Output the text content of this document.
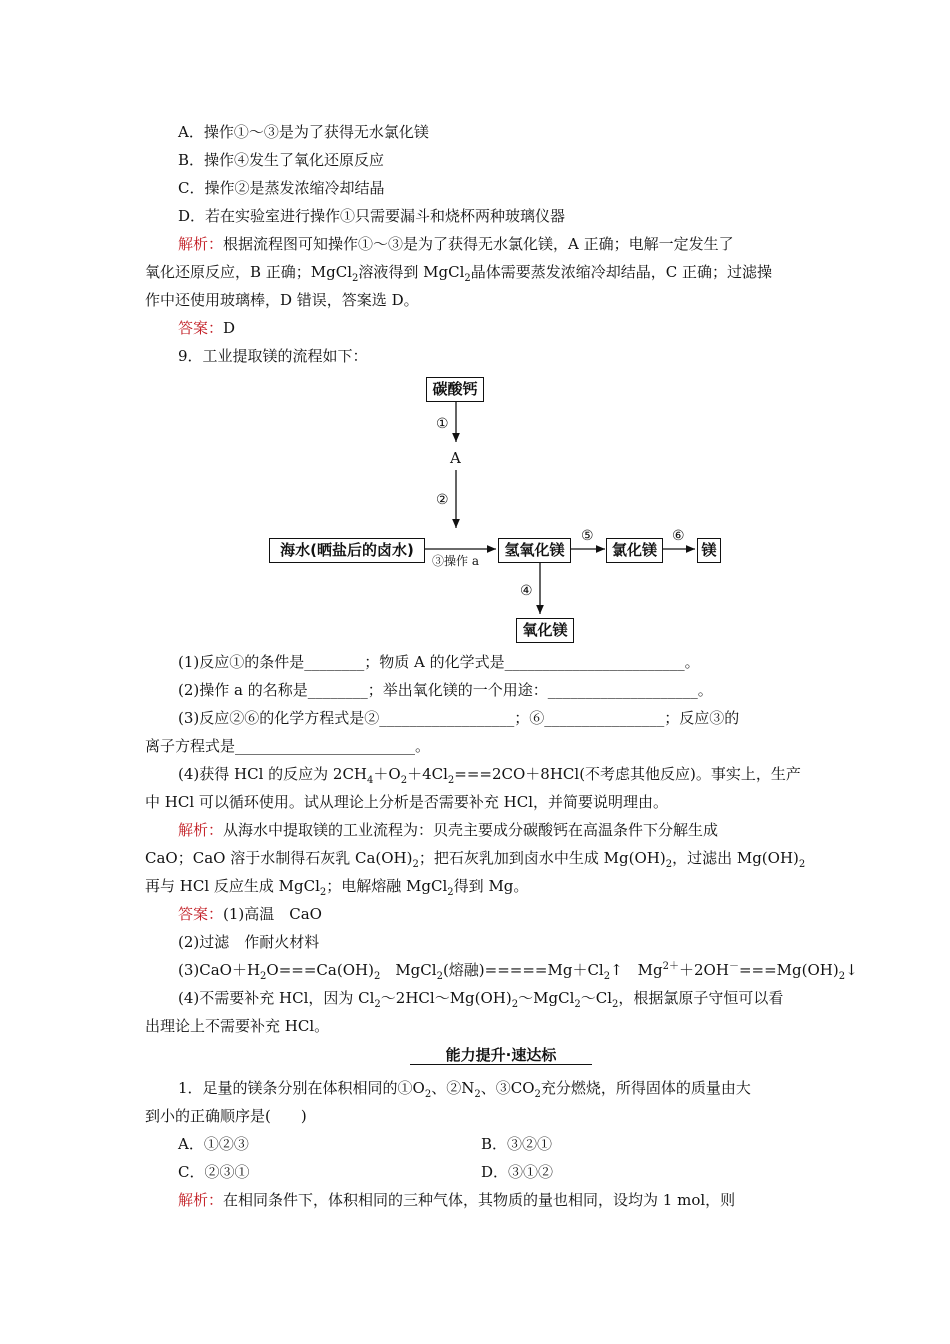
A．操作①～③是为了获得无水氯化镁
B．操作④发生了氧化还原反应
C．操作②是蒸发浓缩冷却结晶
D．若在实验室进行操作①只需要漏斗和烧杯两种玻璃仪器
解析：根据流程图可知操作①～③是为了获得无水氯化镁，A 正确；电解一定发生了
氧化还原反应，B 正确；MgCl$_2$溶液得到 MgCl$_2$晶体需要蒸发浓缩冷却结晶，C 正确；过滤操
作中还使用玻璃棒，D 错误，答案选 D。
答案：D
9．工业提取镁的流程如下：
碳酸钙
①
A
②
海水(晒盐后的卤水)
③操作 a
氢氧化镁
⑤
氯化镁
⑥
镁
④
氧化镁
(1)反应①的条件是________；物质 A 的化学式是________________________。
(2)操作 a 的名称是________；举出氧化镁的一个用途：____________________。
(3)反应②⑥的化学方程式是②__________________；⑥________________；反应③的
离子方程式是________________________。
(4)获得 HCl 的反应为 $2CH_4+O_2+4Cl_2===2CO+8HCl$(不考虑其他反应)。事实上，生产
中 HCl 可以循环使用。试从理论上分析是否需要补充 HCl，并简要说明理由。
解析：从海水中提取镁的工业流程为：贝壳主要成分碳酸钙在高温条件下分解生成
CaO；CaO 溶于水制得石灰乳 $Ca(OH)_2$；把石灰乳加到卤水中生成 $Mg(OH)_2$，过滤出 $Mg(OH)_2$
再与 HCl 反应生成 MgCl$_2$；电解熔融 MgCl$_2$得到 Mg。
答案：(1)高温　CaO
(2)过滤　作耐火材料
$(3)CaO+H_2O===Ca(OH)_2$　MgCl$_2$(熔融)$=====Mg+Cl_2↑$　$Mg^{2+}+2OH^-===Mg(OH)_2↓$
(4)不需要补充 HCl，因为 $Cl_2\sim 2HCl\sim Mg(OH)_2\sim MgCl_2\sim Cl_2$，根据氯原子守恒可以看
出理论上不需要补充 HCl。
能力提升·速达标
1．足量的镁条分别在体积相同的$①O_2$、$②N_2$、$③CO_2$充分燃烧，所得固体的质量由大
到小的正确顺序是(　　)
A．①②③	B．③②①
C．②③①	D．③①②
解析：在相同条件下，体积相同的三种气体，其物质的量也相同，设均为 1 mol，则
